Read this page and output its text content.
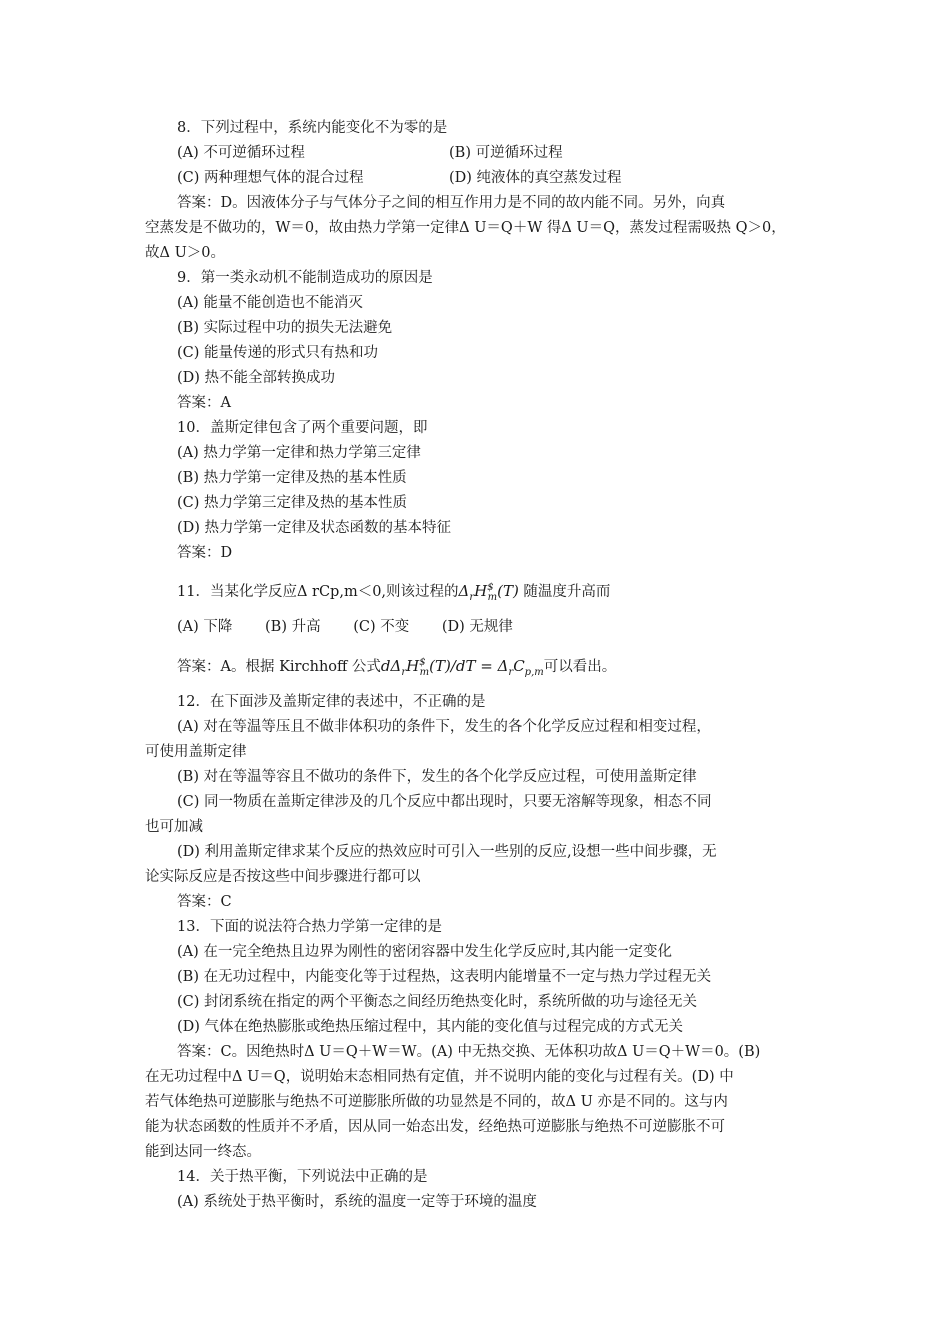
8．下列过程中，系统内能变化不为零的是
(A) 不可逆循环过程	(B) 可逆循环过程
(C) 两种理想气体的混合过程	(D) 纯液体的真空蒸发过程
答案：D。因液体分子与气体分子之间的相互作用力是不同的故内能不同。另外，向真
空蒸发是不做功的，W＝0，故由热力学第一定律Δ U＝Q＋W 得Δ U＝Q，蒸发过程需吸热 Q＞0，
故Δ U＞0。
9．第一类永动机不能制造成功的原因是
(A) 能量不能创造也不能消灭
(B) 实际过程中功的损失无法避免
(C) 能量传递的形式只有热和功
(D) 热不能全部转换成功
答案：A
10．盖斯定律包含了两个重要问题，即
(A) 热力学第一定律和热力学第三定律
(B) 热力学第一定律及热的基本性质
(C) 热力学第三定律及热的基本性质
(D) 热力学第一定律及状态函数的基本特征
答案：D
11．当某化学反应Δ rCp,m＜0,则该过程的$\Delta_rH^{\$}_m(T)$ 随温度升高而
(A) 下降 (B) 升高 (C) 不变 (D) 无规律
答案：A。根据 Kirchhoff 公式$d\Delta_rH^{\$}_m(T)/dT = \Delta_rC_{p,m}$可以看出。
12．在下面涉及盖斯定律的表述中，不正确的是
(A) 对在等温等压且不做非体积功的条件下，发生的各个化学反应过程和相变过程，
可使用盖斯定律
(B) 对在等温等容且不做功的条件下，发生的各个化学反应过程，可使用盖斯定律
(C) 同一物质在盖斯定律涉及的几个反应中都出现时，只要无溶解等现象，相态不同
也可加减
(D) 利用盖斯定律求某个反应的热效应时可引入一些别的反应,设想一些中间步骤，无
论实际反应是否按这些中间步骤进行都可以
答案：C
13．下面的说法符合热力学第一定律的是
(A) 在一完全绝热且边界为刚性的密闭容器中发生化学反应时,其内能一定变化
(B) 在无功过程中，内能变化等于过程热，这表明内能增量不一定与热力学过程无关
(C) 封闭系统在指定的两个平衡态之间经历绝热变化时，系统所做的功与途径无关
(D) 气体在绝热膨胀或绝热压缩过程中，其内能的变化值与过程完成的方式无关
答案：C。因绝热时Δ U＝Q＋W＝W。(A) 中无热交换、无体积功故Δ U＝Q＋W＝0。(B)
在无功过程中Δ U＝Q，说明始末态相同热有定值，并不说明内能的变化与过程有关。(D) 中
若气体绝热可逆膨胀与绝热不可逆膨胀所做的功显然是不同的，故Δ U 亦是不同的。这与内
能为状态函数的性质并不矛盾，因从同一始态出发，经绝热可逆膨胀与绝热不可逆膨胀不可
能到达同一终态。
14．关于热平衡，下列说法中正确的是
(A) 系统处于热平衡时，系统的温度一定等于环境的温度
